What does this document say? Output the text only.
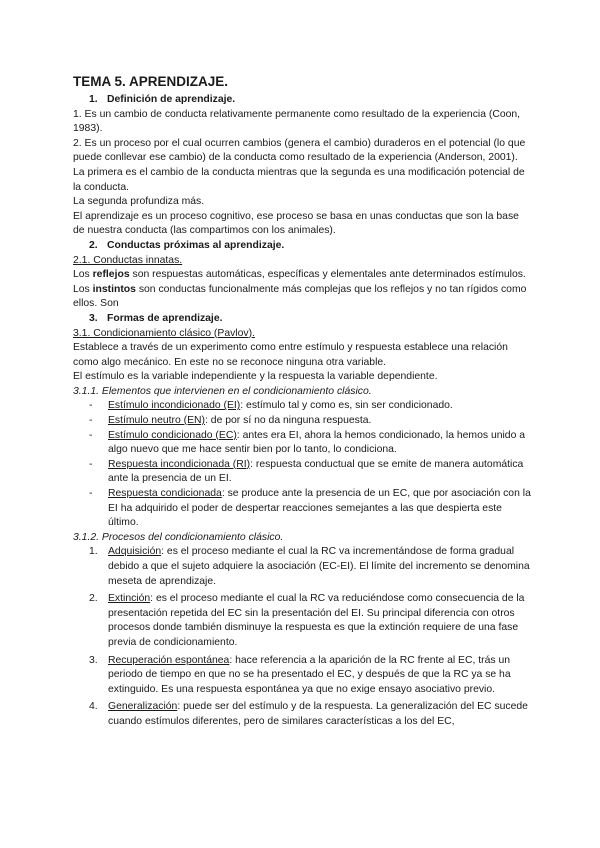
TEMA 5. APRENDIZAJE.
1. Definición de aprendizaje.

1. Es un cambio de conducta relativamente permanente como resultado de la experiencia (Coon, 1983).

2. Es un proceso por el cual ocurren cambios (genera el cambio) duraderos en el potencial (lo que puede conllevar ese cambio) de la conducta como resultado de la experiencia (Anderson, 2001).

La primera es el cambio de la conducta mientras que la segunda es una modificación potencial de la conducta.

La segunda profundiza más.

El aprendizaje es un proceso cognitivo, ese proceso se basa en unas conductas que son la base de nuestra conducta (las compartimos con los animales).

2. Conductas próximas al aprendizaje.

2.1. Conductas innatas.

Los reflejos son respuestas automáticas, específicas y elementales ante determinados estímulos.

Los instintos son conductas funcionalmente más complejas que los reflejos y no tan rígidos como ellos. Son

3. Formas de aprendizaje.

3.1. Condicionamiento clásico (Pavlov).

Establece a través de un experimento como entre estímulo y respuesta establece una relación como algo mecánico. En este no se reconoce ninguna otra variable.

El estímulo es la variable independiente y la respuesta la variable dependiente.

3.1.1. Elementos que intervienen en el condicionamiento clásico.

- Estímulo incondicionado (EI): estímulo tal y como es, sin ser condicionado.
- Estímulo neutro (EN): de por sí no da ninguna respuesta.
- Estímulo condicionado (EC): antes era EI, ahora la hemos condicionado, la hemos unido a algo nuevo que me hace sentir bien por lo tanto, lo condiciona.
- Respuesta incondicionada (RI): respuesta conductual que se emite de manera automática ante la presencia de un EI.
- Respuesta condicionada: se produce ante la presencia de un EC, que por asociación con la EI ha adquirido el poder de despertar reacciones semejantes a las que despierta este último.

3.1.2. Procesos del condicionamiento clásico.

1. Adquisición: es el proceso mediante el cual la RC va incrementándose de forma gradual debido a que el sujeto adquiere la asociación (EC-EI). El límite del incremento se denomina meseta de aprendizaje.
2. Extinción: es el proceso mediante el cual la RC va reduciéndose como consecuencia de la presentación repetida del EC sin la presentación del EI. Su principal diferencia con otros procesos donde también disminuye la respuesta es que la extinción requiere de una fase previa de condicionamiento.
3. Recuperación espontánea: hace referencia a la aparición de la RC frente al EC, trás un periodo de tiempo en que no se ha presentado el EC, y después de que la RC ya se ha extinguido. Es una respuesta espontánea ya que no exige ensayo asociativo previo.
4. Generalización: puede ser del estímulo y de la respuesta. La generalización del EC sucede cuando estímulos diferentes, pero de similares características a los del EC,
